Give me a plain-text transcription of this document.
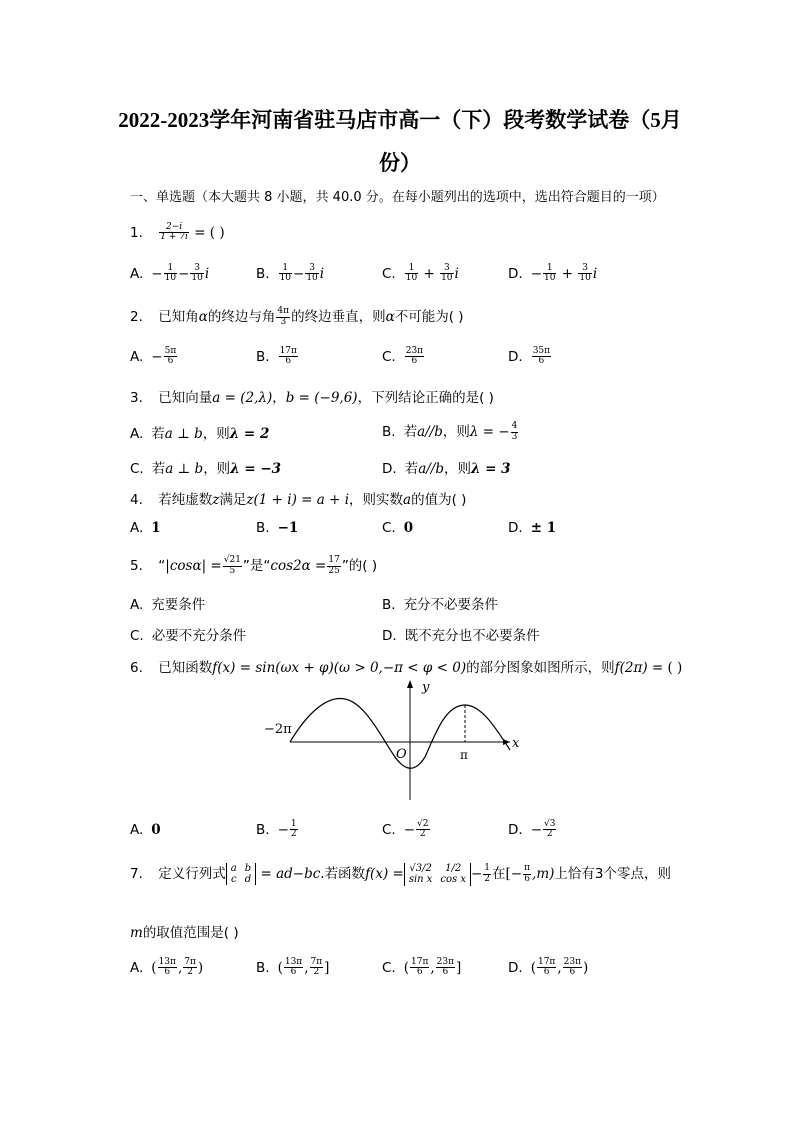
2022-2023学年河南省驻马店市高一（下）段考数学试卷（5月
份）
一、单选题（本大题共 8 小题，共 40.0 分。在每小题列出的选项中，选出符合题目的一项）
1. $\frac{2-i}{1 + 7i}$ = ( )
A. − $\frac{1}{10} - \frac{3}{10}$ i	B. $\frac{1}{10} - \frac{3}{10}$ i	C. $\frac{1}{10} + \frac{3}{10}$ i	D. − $\frac{1}{10} + \frac{3}{10}$ i
2. 已知角α的终边与角 $\frac{4\pi}{3}$ 的终边垂直，则α不可能为( )
A. − $\frac{5\pi}{6}$	B. $\frac{17\pi}{6}$	C. $\frac{23\pi}{6}$	D. $\frac{35\pi}{6}$
3. 已知向量a = (2,λ)，b = (−9,6)，下列结论正确的是( )
A. 若a ⊥ b，则λ = 2	B. 若a//b，则λ = − $\frac{4}{3}$
C. 若a ⊥ b，则λ = −3	D. 若a//b，则λ = 3
4. 若纯虚数z满足z(1 + i) = a + i，则实数a的值为( )
A. 1	B. −1	C. 0	D. ± 1
5. “$|\cos\alpha| = \frac{√21}{5}$ ”是“$\cos 2\alpha = \frac{17}{25}$ ”的( )
A. 充要条件	B. 充分不必要条件
C. 必要不充分条件	D. 既不充分也不必要条件
6. 已知函数f(x) = sin(ωx + φ)(ω > 0,−π < φ < 0)的部分图象如图所示，则f(2π) = ( )
−2π
π
O
y
x
A. 0	B. − $\frac{1}{2}$	C. − $\frac{√2}{2}$	D. − $\frac{√3}{2}$
7. 定义行列式 a	b
c	d = ad−bc.若函数f(x) = √3/2	1/2
sin x	$\cos x - \frac{1}{2}$ 在[− $\frac{\pi}{6} ,m$)上恰有3个零点，则
m的取值范围是( )
A. ( $\frac{13\pi}{6}$ , $\frac{7\pi}{2}$ )	B. ( $\frac{13\pi}{6}$ , $\frac{7\pi}{2}$ ]	C. ( $\frac{17\pi}{6}$ , $\frac{23\pi}{6}$ ]	D. ( $\frac{17\pi}{6}$ , $\frac{23\pi}{6}$ )
